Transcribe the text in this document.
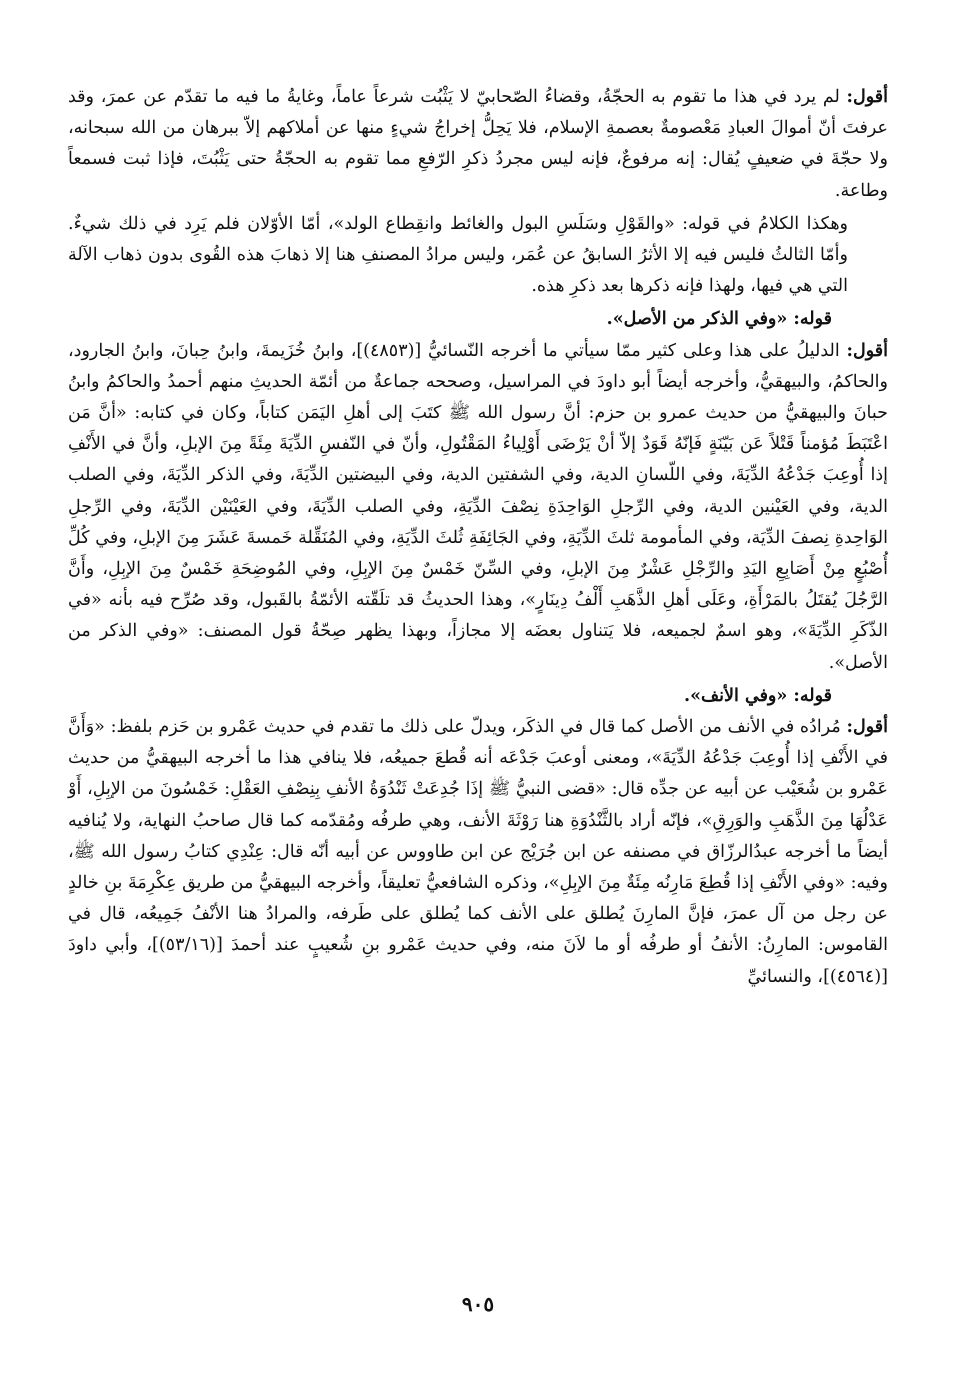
أقول: لم يرد في هذا ما تقوم به الحجّةُ، وقضاءُ الصّحابيّ لا يَثْبُت شرعاً عاماً، وغايةُ ما فيه ما تقدّم عن عمرَ، وقد عرفتَ أنّ أموالَ العبادِ مَعْصومةٌ بعصمةِ الإسلام، فلا يَحِلُّ إخراجُ شيءٍ منها عن أملاكهم إلاّ ببرهان من الله سبحانه، ولا حجّةَ في ضعيفٍ يُقال: إنه مرفوعٌ، فإنه ليس مجردُ ذكرِ الرّفعِ مما تقوم به الحجّةُ حتى يَثْبُتَ، فإذا ثبت فسمعاً وطاعة.

وهكذا الكلامُ في قوله: «والقَوْلِ وسَلَسِ البول والغائط وانقِطاع الولد»، أمّا الأوّلان فلم يَرِد في ذلك شيءٌ. وأمّا الثالثُ فليس فيه إلا الأثرُ السابقُ عن عُمَر، وليس مرادُ المصنفِ هنا إلا ذهابَ هذه القُوى بدون ذهاب الآلة التي هي فيها، ولهذا فإنه ذكرها بعد ذكرِ هذه.

قوله: «وفي الذكر من الأصل».

أقول: الدليلُ على هذا وعلى كثير ممّا سيأتي ما أخرجه النّسائيُّ [(٤٨٥٣)]، وابنُ خُزَيمةَ، وابنُ حِبانَ، وابنُ الجارود، والحاكمُ، والبيهقيُّ، وأخرجه أيضاً أبو داودَ في المراسيل، وصححه جماعةٌ من أئمّة الحديثِ منهم أحمدُ والحاكمُ وابنُ حبانَ والبيهقيُّ من حديث عمرو بن حزم: أنَّ رسول الله ﷺ كتَبَ إلى أهلِ اليَمَن كتاباً، وكان في كتابه: «أنَّ مَن اعْتَبَطَ مُؤمناً قَتْلاً عَن بَيّنَةٍ فَإنّهُ قَوَدٌ إلاّ أنْ يَرْضَى أَوْلِياءُ المَقْتُولِ، وأنّ في النّفسِ الدِّيَةَ مِئَةً مِنَ الإبلِ، وأنَّ في الأَنْفِ إذا أُوعِبَ جَدْعُهُ الدِّيَةَ، وفي اللّسانِ الدية، وفي الشفتين الدية، وفي البيضتين الدِّيَةَ، وفي الذكر الدِّيَةَ، وفي الصلب الدية، وفي العَيْنين الدية، وفي الرِّجلِ الوَاحِدَةِ نِصْفَ الدِّيَةِ، وفي الصلب الدِّيَةَ، وفي العَيْنَيْن الدِّيَةَ، وفي الرِّجلِ الوَاحِدةِ نِصفَ الدِّيَة، وفي المأمومة ثلثَ الدِّيَةِ، وفي الجَائِفَةِ ثُلثَ الدِّيَةِ، وفي المُنَقِّلة خَمسةَ عَشَرَ مِنَ الإبلِ، وفي كُلِّ أُصْبُعٍ مِنْ أَصَابِعِ اليَدِ والرِّجْلِ عَشْرٌ مِنَ الإبلِ، وفي السِّنّ خَمْسٌ مِنَ الإبِلِ، وفي المُوضِحَةِ خَمْسٌ مِنَ الإبِلِ، وأَنَّ الرَّجُلَ يُقتَلُ بالمَرْأَةِ، وعَلَى أهلِ الذَّهَبِ أَلْفُ دِينَارٍ»، وهذا الحديثُ قد تلَقّته الأئمّةُ بالقَبول، وقد صُرِّح فيه بأنه «في الذّكَرِ الدِّيَةَ»، وهو اسمٌ لجميعه، فلا يَتناول بعضَه إلا مجازاً، وبهذا يظهر صِحّةُ قول المصنف: «وفي الذكر من الأصل».

قوله: «وفي الأنف».

أقول: مُرادُه في الأنف من الأصل كما قال في الذكَر، ويدلّ على ذلك ما تقدم في حديث عَمْرو بن حَزم بلفظ: «وَأَنَّ في الأَنْفِ إذا أُوعِبَ جَدْعُهُ الدِّيَةَ»، ومعنى أوعبَ جَدْعَه أنه قُطعَ جميعُه، فلا ينافي هذا ما أخرجه البيهقيُّ من حديث عَمْرو بن شُعَيْب عن أبيه عن جدِّه قال: «قضى النبيُّ ﷺ إذَا جُدِعَتْ ثَنْدُوَةُ الأنفِ بِنِصْفِ العَقْلِ: خَمْسُونَ من الإبِلِ، أَوْ عَدْلُهَا مِنَ الذَّهَبِ والوَرِقِ»، فإنّه أراد بالثَّنْدُوَةِ هنا رَوْثَةَ الأنف، وهي طرفُه ومُقدّمه كما قال صاحبُ النهاية، ولا يُنافيه أيضاً ما أخرجه عبدُالرزّاق في مصنفه عن ابن جُرَيْج عن ابن طاووس عن أبيه أنّه قال: عِنْدِي كتابُ رسول الله ﷺ، وفيه: «وفي الأَنْفِ إذا قُطِعَ مَارِنُه مِئَةٌ مِنَ الإبِلِ»، وذكره الشافعيُّ تعليقاً، وأخرجه البيهقيُّ من طريق عِكْرِمَةَ بنِ خالدٍ عن رجل من آل عمرَ، فإنَّ المارِنَ يُطلق على الأنف كما يُطلق على طَرفه، والمرادُ هنا الأنْفُ جَمِيعُه، قال في القاموس: المارِنُ: الأنفُ أو طرفُه أو ما لاَنَ منه، وفي حديث عَمْرو بنِ شُعيبٍ عند أحمدَ [(٥٣/١٦)]، وأبي داودَ [(٤٥٦٤)]، والنسائيِّ

٩٠٥
